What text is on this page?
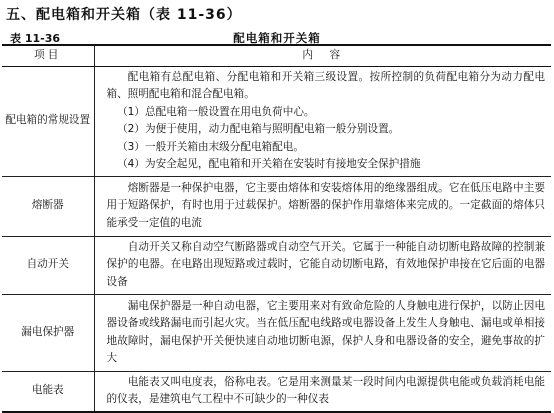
五、配电箱和开关箱（表 11-36）
表 11-36	配电箱和开关箱
项目	内　容
配电箱的常规设置	配电箱有总配电箱、分配电箱和开关箱三级设置。按所控制的负荷配电箱分为动力配电箱、照明配电箱和混合配电箱。
（1）总配电箱一般设置在用电负荷中心。
（2）为便于使用，动力配电箱与照明配电箱一般分别设置。
（3）一般开关箱由末级分配电箱配电。
（4）为安全起见，配电箱和开关箱在安装时有接地安全保护措施

熔断器	熔断器是一种保护电器，它主要由熔体和安装熔体用的绝缘器组成。它在低压电路中主要用于短路保护，有时也用于过载保护。熔断器的保护作用靠熔体来完成的。一定截面的熔体只能承受一定值的电流

自动开关	自动开关又称自动空气断路器或自动空气开关。它属于一种能自动切断电路故障的控制兼保护的电器。在电路出现短路或过载时，它能自动切断电路，有效地保护串接在它后面的电器设备

漏电保护器	漏电保护器是一种自动电器，它主要用来对有致命危险的人身触电进行保护，以防止因电器设备或线路漏电而引起火灾。当在低压配电线路或电器设备上发生人身触电、漏电或单相接地故障时，漏电保护开关便快速自动地切断电源，保护人身和电器设备的安全，避免事故的扩大

电能表	电能表又叫电度表，俗称电表。它是用来测量某一段时间内电源提供电能或负载消耗电能的仪表，是建筑电气工程中不可缺少的一种仪表
